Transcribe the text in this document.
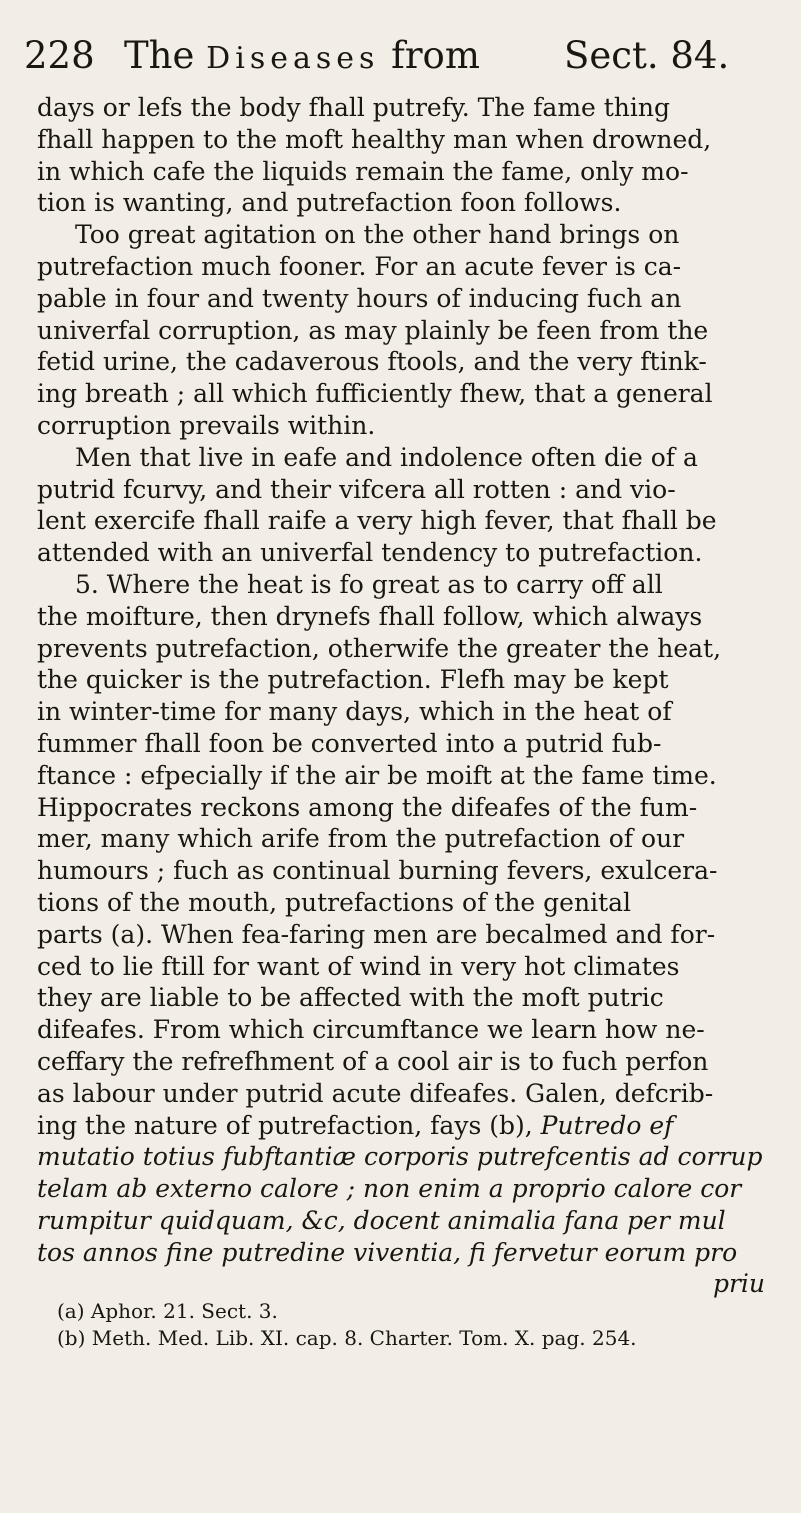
228 The Diseases from Sect. 84.
days or lefs the body fhall putrefy. The fame thing
fhall happen to the moft healthy man when drowned,
in which cafe the liquids remain the fame, only mo-
tion is wanting, and putrefaction foon follows.
Too great agitation on the other hand brings on
putrefaction much fooner. For an acute fever is ca-
pable in four and twenty hours of inducing fuch an
univerfal corruption, as may plainly be feen from the
fetid urine, the cadaverous ftools, and the very ftink-
ing breath ; all which fufficiently fhew, that a general
corruption prevails within.
Men that live in eafe and indolence often die of a
putrid fcurvy, and their vifcera all rotten : and vio-
lent exercife fhall raife a very high fever, that fhall be
attended with an univerfal tendency to putrefaction.
5. Where the heat is fo great as to carry off all
the moifture, then drynefs fhall follow, which always
prevents putrefaction, otherwife the greater the heat,
the quicker is the putrefaction. Flefh may be kept
in winter-time for many days, which in the heat of
fummer fhall foon be converted into a putrid fub-
ftance : efpecially if the air be moift at the fame time.
Hippocrates reckons among the difeafes of the fum-
mer, many which arife from the putrefaction of our
humours ; fuch as continual burning fevers, exulcera-
tions of the mouth, putrefactions of the genital
parts (a). When fea-faring men are becalmed and for-
ced to lie ftill for want of wind in very hot climates
they are liable to be affected with the moft putric
difeafes. From which circumftance we learn how ne-
ceffary the refrefhment of a cool air is to fuch perfon
as labour under putrid acute difeafes. Galen, defcrib-
ing the nature of putrefaction, fays (b), Putredo ef
mutatio totius fubftantiæ corporis putrefcentis ad corrup
telam ab externo calore ; non enim a proprio calore cor
rumpitur quidquam, &c, docent animalia fana per mul
tos annos fine putredine viventia, fi fervetur eorum pro
priu
(a) Aphor. 21. Sect. 3.
(b) Meth. Med. Lib. XI. cap. 8. Charter. Tom. X. pag. 254.
